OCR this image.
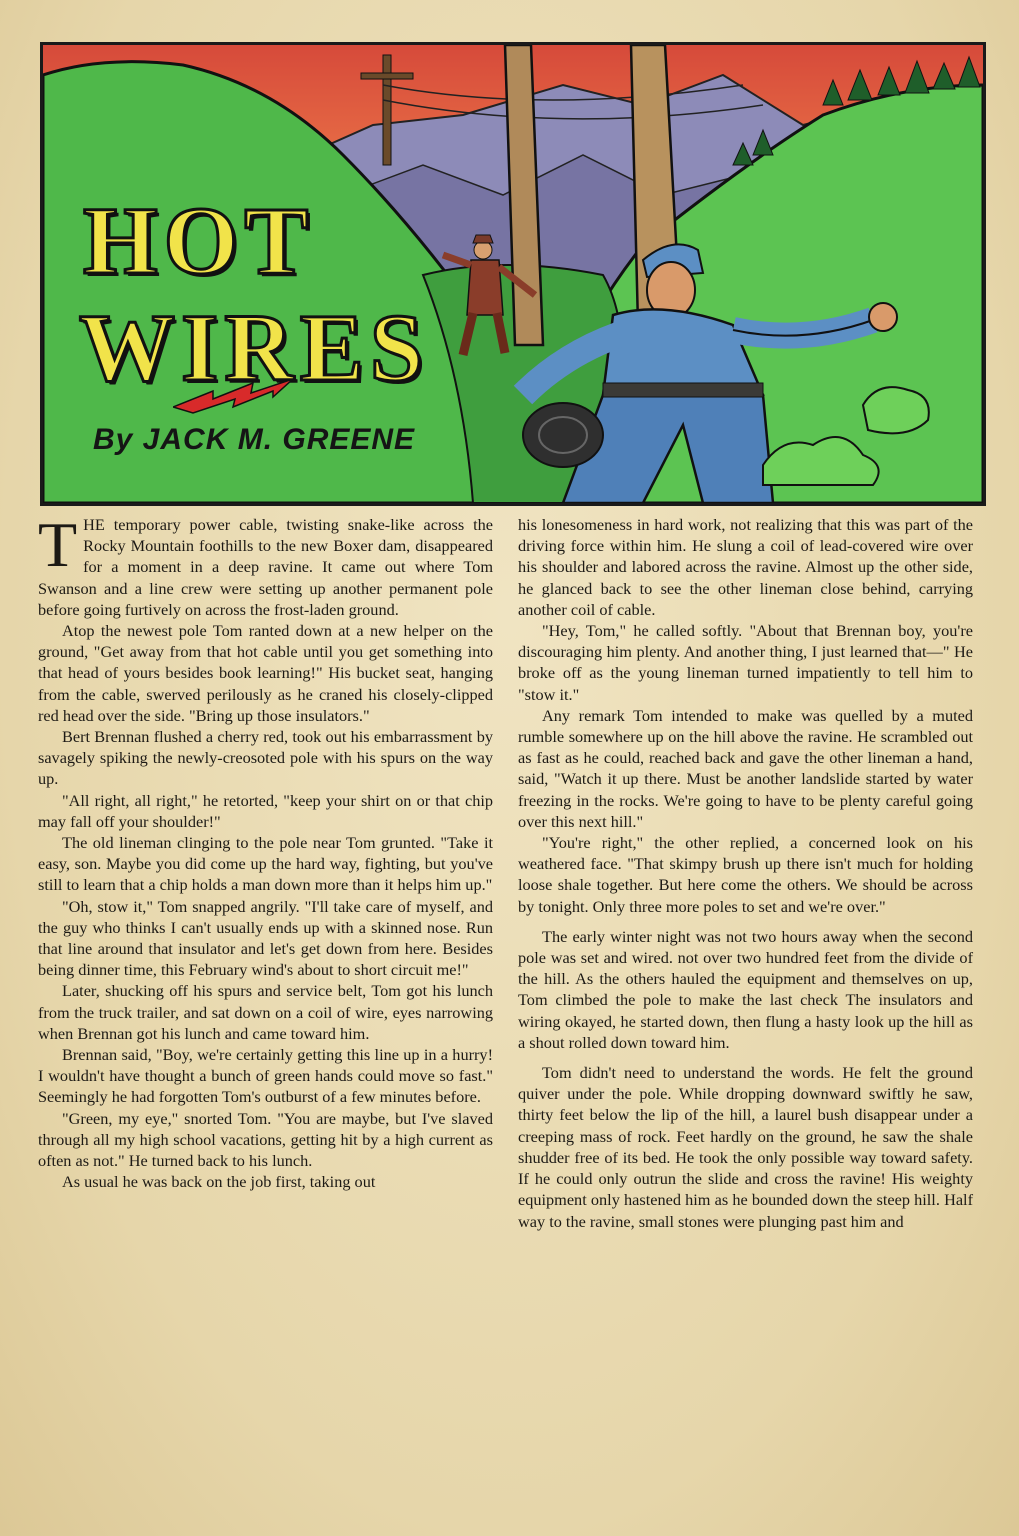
HOT
WIRES
By JACK M. GREENE

THE temporary power cable, twisting snake-like across the Rocky Mountain foothills to the new Boxer dam, disappeared for a moment in a deep ravine. It came out where Tom Swanson and a line crew were setting up another permanent pole before going furtively on across the frost-laden ground.

Atop the newest pole Tom ranted down at a new helper on the ground, "Get away from that hot cable until you get something into that head of yours besides book learning!" His bucket seat, hanging from the cable, swerved perilously as he craned his closely-clipped red head over the side. "Bring up those insulators."

Bert Brennan flushed a cherry red, took out his embarrassment by savagely spiking the newly-creosoted pole with his spurs on the way up.

"All right, all right," he retorted, "keep your shirt on or that chip may fall off your shoulder!"

The old lineman clinging to the pole near Tom grunted. "Take it easy, son. Maybe you did come up the hard way, fighting, but you've still to learn that a chip holds a man down more than it helps him up."

"Oh, stow it," Tom snapped angrily. "I'll take care of myself, and the guy who thinks I can't usually ends up with a skinned nose. Run that line around that insulator and let's get down from here. Besides being dinner time, this February wind's about to short circuit me!"

Later, shucking off his spurs and service belt, Tom got his lunch from the truck trailer, and sat down on a coil of wire, eyes narrowing when Brennan got his lunch and came toward him.

Brennan said, "Boy, we're certainly getting this line up in a hurry! I wouldn't have thought a bunch of green hands could move so fast." Seemingly he had forgotten Tom's outburst of a few minutes before.

"Green, my eye," snorted Tom. "You are maybe, but I've slaved through all my high school vacations, getting hit by a high current as often as not." He turned back to his lunch.

As usual he was back on the job first, taking out

his lonesomeness in hard work, not realizing that this was part of the driving force within him. He slung a coil of lead-covered wire over his shoulder and labored across the ravine. Almost up the other side, he glanced back to see the other lineman close behind, carrying another coil of cable.

"Hey, Tom," he called softly. "About that Brennan boy, you're discouraging him plenty. And another thing, I just learned that—" He broke off as the young lineman turned impatiently to tell him to "stow it."

Any remark Tom intended to make was quelled by a muted rumble somewhere up on the hill above the ravine. He scrambled out as fast as he could, reached back and gave the other lineman a hand, said, "Watch it up there. Must be another landslide started by water freezing in the rocks. We're going to have to be plenty careful going over this next hill."

"You're right," the other replied, a concerned look on his weathered face. "That skimpy brush up there isn't much for holding loose shale together. But here come the others. We should be across by tonight. Only three more poles to set and we're over."

The early winter night was not two hours away when the second pole was set and wired. not over two hundred feet from the divide of the hill. As the others hauled the equipment and themselves on up, Tom climbed the pole to make the last check The insulators and wiring okayed, he started down, then flung a hasty look up the hill as a shout rolled down toward him.

Tom didn't need to understand the words. He felt the ground quiver under the pole. While dropping downward swiftly he saw, thirty feet below the lip of the hill, a laurel bush disappear under a creeping mass of rock. Feet hardly on the ground, he saw the shale shudder free of its bed. He took the only possible way toward safety. If he could only outrun the slide and cross the ravine! His weighty equipment only hastened him as he bounded down the steep hill. Half way to the ravine, small stones were plunging past him and
